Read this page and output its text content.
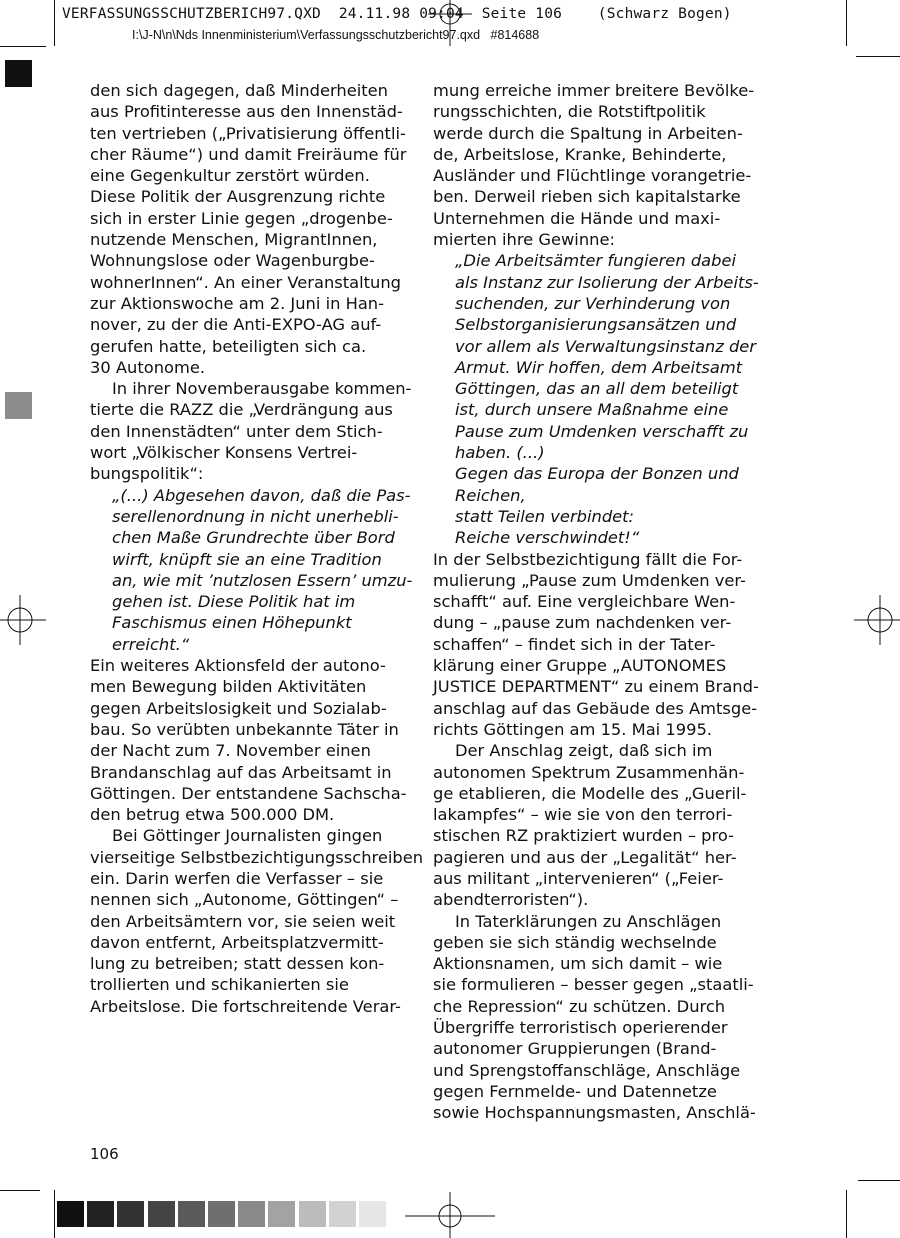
VERFASSUNGSSCHUTZBERICH97.QXD  24.11.98 09:04  Seite 106    (Schwarz Bogen)
I:\J-N\n\Nds Innenministerium\Verfassungsschutzbericht97.qxd   #814688
den sich dagegen, daß Minderheiten
aus Profitinteresse aus den Innenstäd-
ten vertrieben („Privatisierung öffentli-
cher Räume“) und damit Freiräume für
eine Gegenkultur zerstört würden.
Diese Politik der Ausgrenzung richte
sich in erster Linie gegen „drogenbe-
nutzende Menschen, MigrantInnen,
Wohnungslose oder Wagenburgbe-
wohnerInnen“. An einer Veranstaltung
zur Aktionswoche am 2. Juni in Han-
nover, zu der die Anti-EXPO-AG auf-
gerufen hatte, beteiligten sich ca.
30 Autonome.
In ihrer Novemberausgabe kommen-
tierte die RAZZ die „Verdrängung aus
den Innenstädten“ unter dem Stich-
wort „Völkischer Konsens Vertrei-
bungspolitik“:
„(...) Abgesehen davon, daß die Pas-
serellenordnung in nicht unerhebli-
chen Maße Grundrechte über Bord
wirft, knüpft sie an eine Tradition
an, wie mit ’nutzlosen Essern’ umzu-
gehen ist. Diese Politik hat im
Faschismus einen Höhepunkt
erreicht.“
Ein weiteres Aktionsfeld der autono-
men Bewegung bilden Aktivitäten
gegen Arbeitslosigkeit und Sozialab-
bau. So verübten unbekannte Täter in
der Nacht zum 7. November einen
Brandanschlag auf das Arbeitsamt in
Göttingen. Der entstandene Sachscha-
den betrug etwa 500.000 DM.
Bei Göttinger Journalisten gingen
vierseitige Selbstbezichtigungsschreiben
ein. Darin werfen die Verfasser – sie
nennen sich „Autonome, Göttingen“ –
den Arbeitsämtern vor, sie seien weit
davon entfernt, Arbeitsplatzvermitt-
lung zu betreiben; statt dessen kon-
trollierten und schikanierten sie
Arbeitslose. Die fortschreitende Verar-
mung erreiche immer breitere Bevölke-
rungsschichten, die Rotstiftpolitik
werde durch die Spaltung in Arbeiten-
de, Arbeitslose, Kranke, Behinderte,
Ausländer und Flüchtlinge vorangetrie-
ben. Derweil rieben sich kapitalstarke
Unternehmen die Hände und maxi-
mierten ihre Gewinne:
„Die Arbeitsämter fungieren dabei
als Instanz zur Isolierung der Arbeits-
suchenden, zur Verhinderung von
Selbstorganisierungsansätzen und
vor allem als Verwaltungsinstanz der
Armut. Wir hoffen, dem Arbeitsamt
Göttingen, das an all dem beteiligt
ist, durch unsere Maßnahme eine
Pause zum Umdenken verschafft zu
haben. (...)
Gegen das Europa der Bonzen und
Reichen,
statt Teilen verbindet:
Reiche verschwindet!“
In der Selbstbezichtigung fällt die For-
mulierung „Pause zum Umdenken ver-
schafft“ auf. Eine vergleichbare Wen-
dung – „pause zum nachdenken ver-
schaffen“ – findet sich in der Tater-
klärung einer Gruppe „AUTONOMES
JUSTICE DEPARTMENT“ zu einem Brand-
anschlag auf das Gebäude des Amtsge-
richts Göttingen am 15. Mai 1995.
Der Anschlag zeigt, daß sich im
autonomen Spektrum Zusammenhän-
ge etablieren, die Modelle des „Gueril-
lakampfes“ – wie sie von den terrori-
stischen RZ praktiziert wurden – pro-
pagieren und aus der „Legalität“ her-
aus militant „intervenieren“ („Feier-
abendterroristen“).
In Taterklärungen zu Anschlägen
geben sie sich ständig wechselnde
Aktionsnamen, um sich damit – wie
sie formulieren – besser gegen „staatli-
che Repression“ zu schützen. Durch
Übergriffe terroristisch operierender
autonomer Gruppierungen (Brand-
und Sprengstoffanschläge, Anschläge
gegen Fernmelde- und Datennetze
sowie Hochspannungsmasten, Anschlä-
106
